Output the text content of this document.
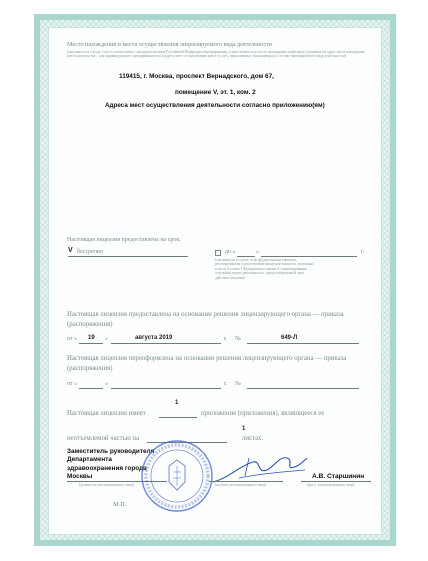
Место нахождения и места осуществления лицензируемого вида деятельности
(заполняется в случае, если в соответствии с законодательством Российской Федерации лицензирование осуществляется по месту нахождения лицензиата) (указывается адрес места нахождения (места жительства – для индивидуального предпринимателя) и адреса мест осуществления работ (услуг), выполняемых (оказываемых) в составе лицензируемого вида деятельности)
119415, г. Москва, проспект Вернадского, дом 67,
помещение V, эт. 1, ком. 2
Адреса мест осуществления деятельности согласно приложению(ям)
Настоящая лицензия предоставлена на срок:
V бессрочно	до «	»	г.
(указывается в случае, если федеральными законами, регулирующими осуществление видов деятельности, указанных в части 4 статьи 1 Федерального закона «О лицензировании отдельных видов деятельности», предусмотрен иной срок действия лицензии)
Настоящая лицензия предоставлена на основании решения лицензирующего органа — приказа (распоряжения)
от « 19 »	августа 2019	г. №	649-Л
Настоящая лицензия переоформлена на основании решения лицензирующего органа — приказа (распоряжения)
от «	»	г. №
1
Настоящая лицензия имеет	приложение (приложения), являющееся ее
1
неотъемлемой частью на	листах.
Заместитель руководителя
Департамента
здравоохранения города
Москвы
(должность уполномоченного лица)	(подпись уполномоченного лица)
А.В. Старшинин
(ф.и.о. уполномоченного лица)
М.П.
